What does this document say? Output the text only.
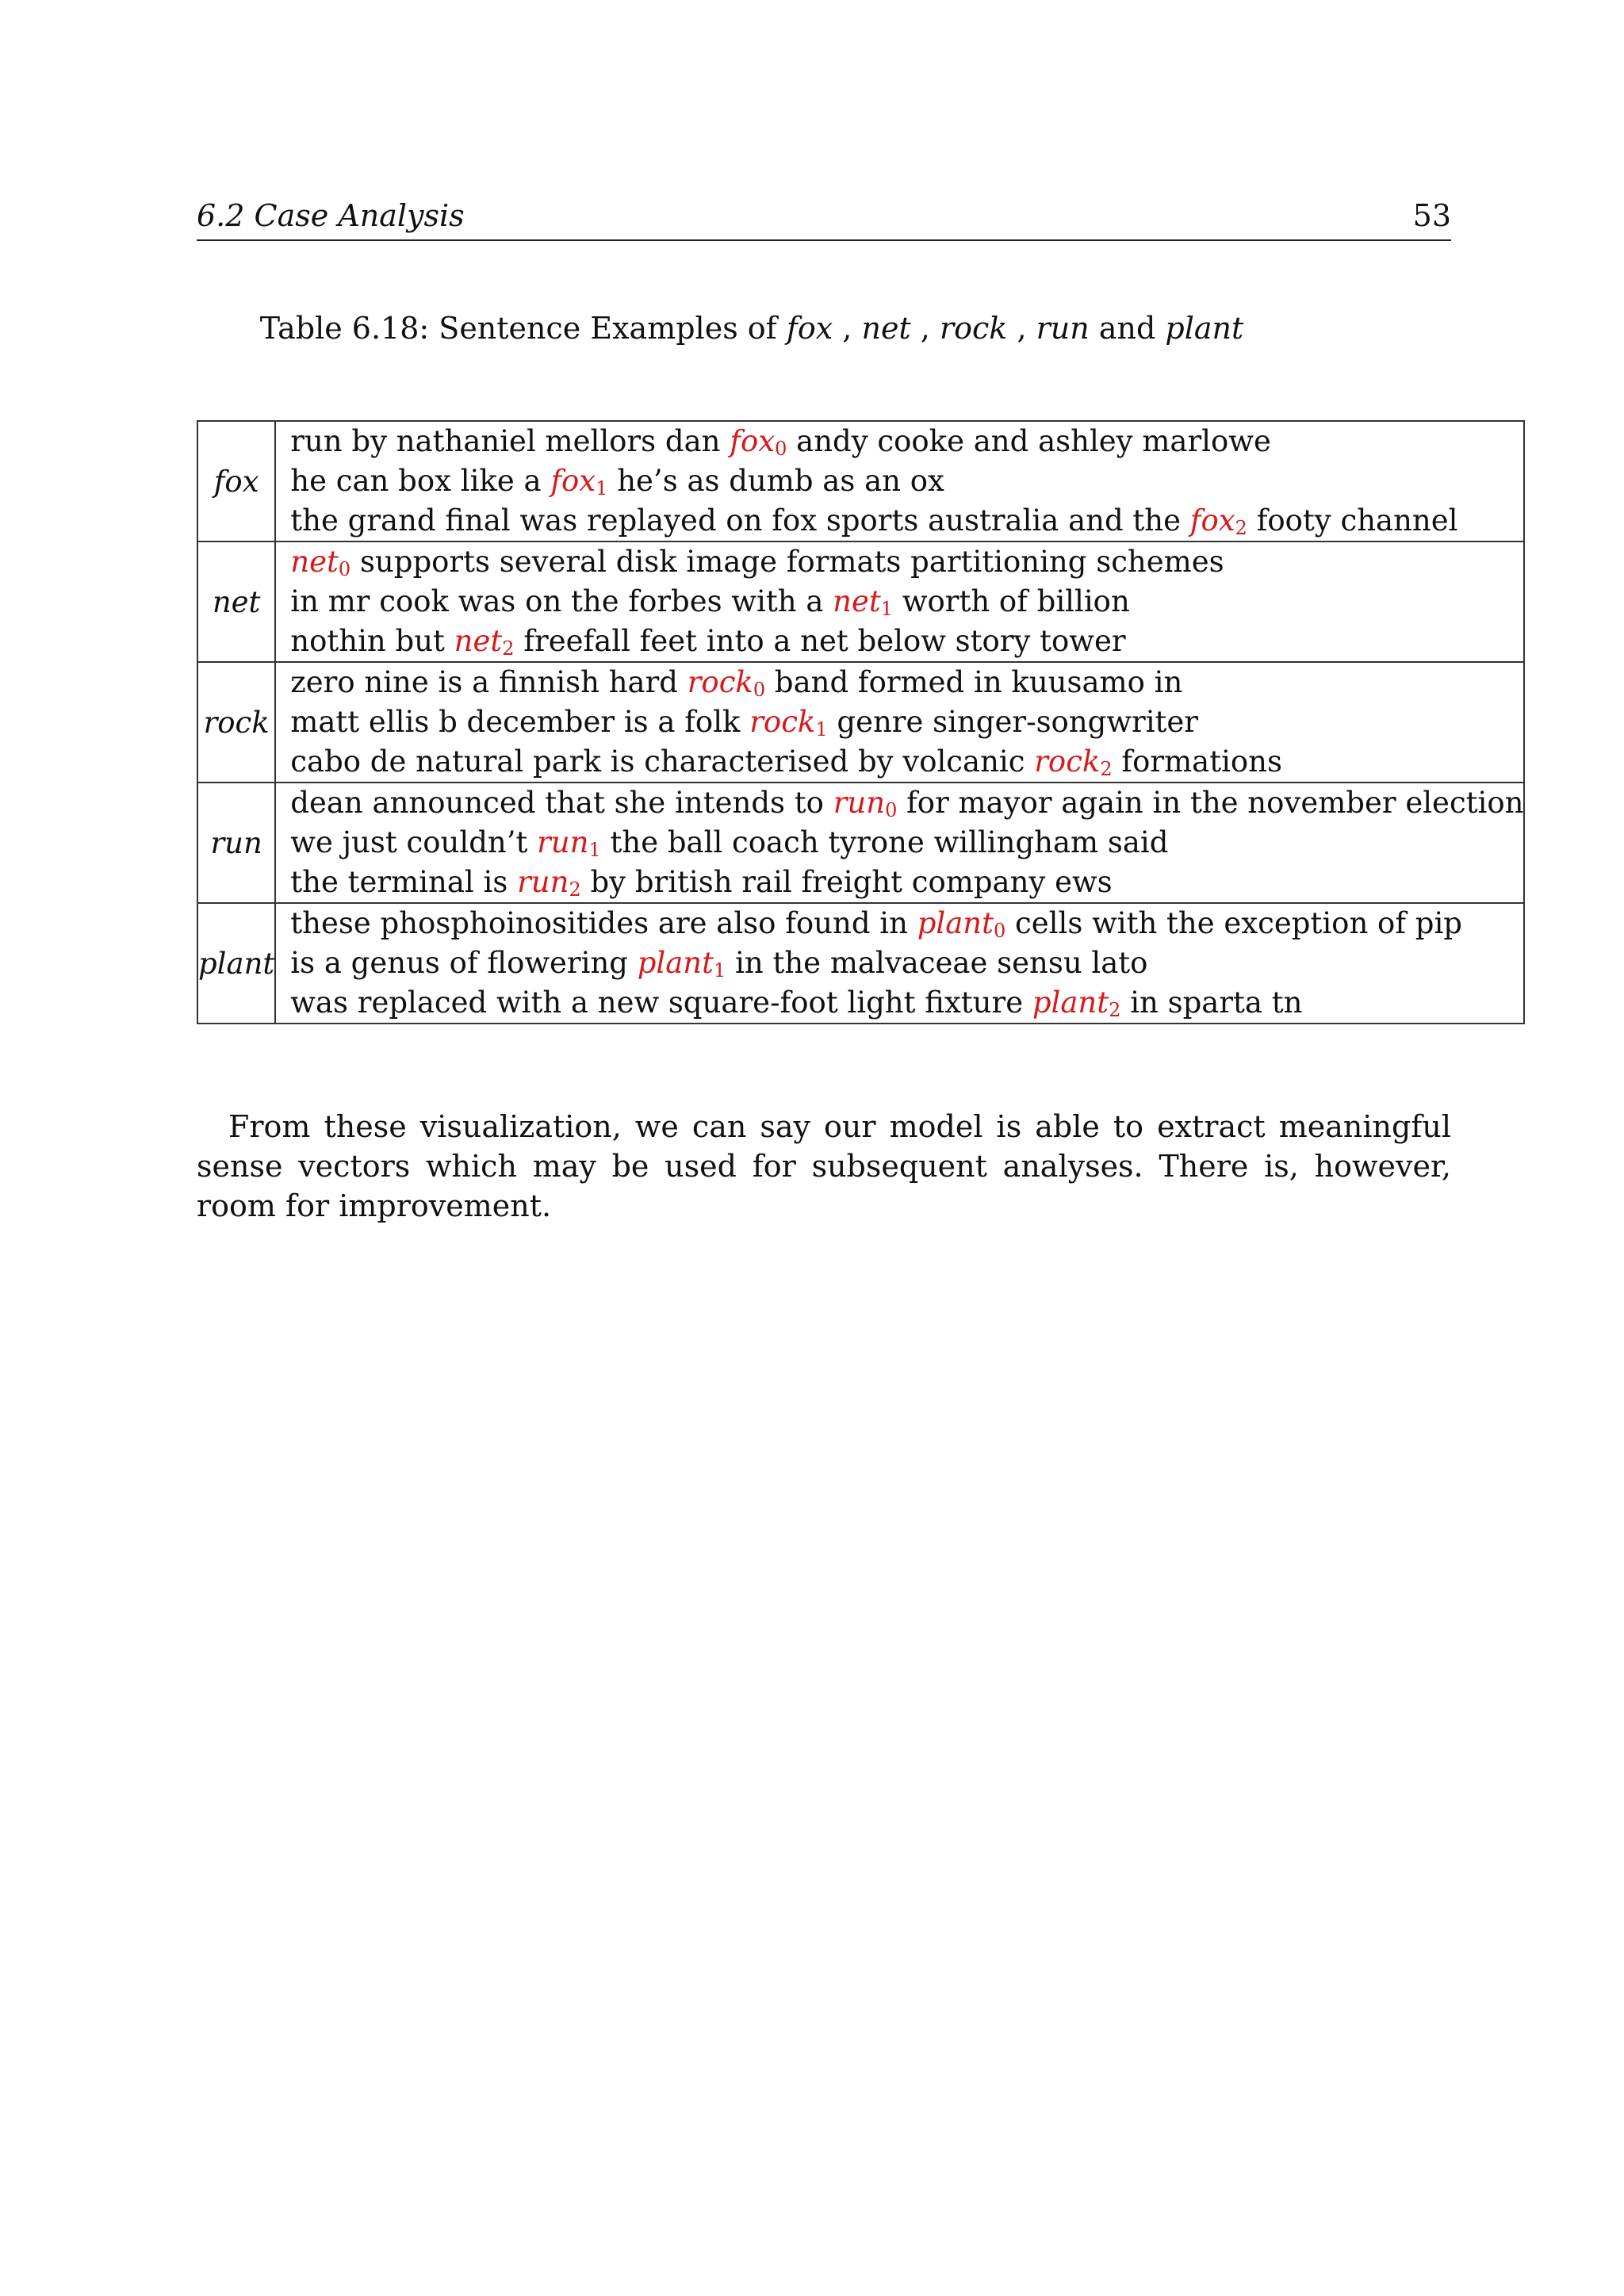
6.2 Case Analysis	53
Table 6.18: Sentence Examples of fox , net , rock , run and plant
fox	run by nathaniel mellors dan fox$_0$ andy cooke and ashley marlowe
he can box like a fox$_1$ he’s as dumb as an ox
the grand final was replayed on fox sports australia and the fox$_2$ footy channel

net	net$_0$ supports several disk image formats partitioning schemes
in mr cook was on the forbes with a net$_1$ worth of billion
nothin but net$_2$ freefall feet into a net below story tower

rock	zero nine is a finnish hard rock$_0$ band formed in kuusamo in
matt ellis b december is a folk rock$_1$ genre singer-songwriter
cabo de natural park is characterised by volcanic rock$_2$ formations

run	dean announced that she intends to run$_0$ for mayor again in the november election
we just couldn’t run$_1$ the ball coach tyrone willingham said
the terminal is run$_2$ by british rail freight company ews

plant	these phosphoinositides are also found in plant$_0$ cells with the exception of pip
is a genus of flowering plant$_1$ in the malvaceae sensu lato
was replaced with a new square-foot light fixture plant$_2$ in sparta tn

From these visualization, we can say our model is able to extract meaningful sense vectors which may be used for subsequent analyses. There is, however, room for improvement.
